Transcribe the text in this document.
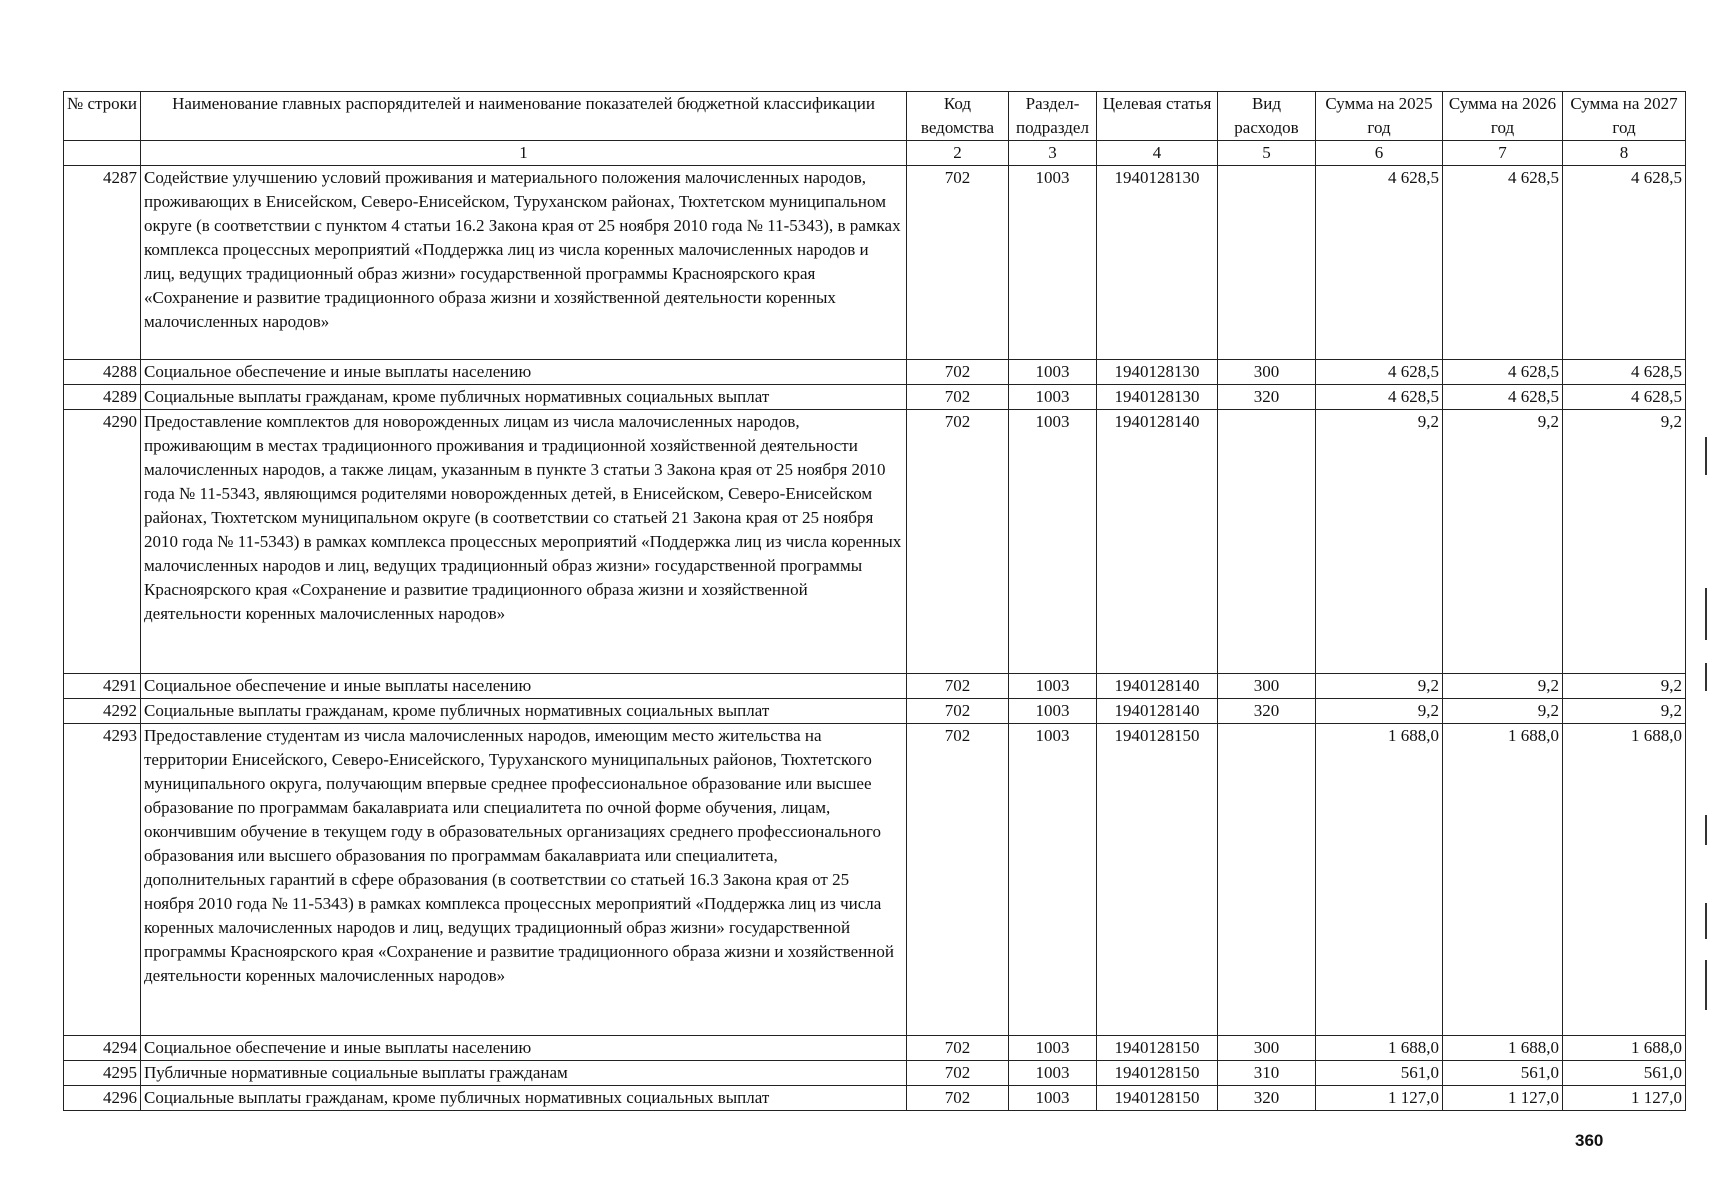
№ строки	Наименование главных распорядителей и наименование показателей бюджетной классификации	Код ведомства	Раздел-подраздел	Целевая статья	Вид расходов	Сумма на 2025 год	Сумма на 2026 год	Сумма на 2027 год
	1	2	3	4	5	6	7	8
4287	Содействие улучшению условий проживания и материального положения малочисленных народов, проживающих в Енисейском, Северо-Енисейском, Туруханском районах, Тюхтетском муниципальном округе (в соответствии с пунктом 4 статьи 16.2 Закона края от 25 ноября 2010 года № 11-5343), в рамках комплекса процессных мероприятий «Поддержка лиц из числа коренных малочисленных народов и лиц, ведущих традиционный образ жизни» государственной программы Красноярского края «Сохранение и развитие традиционного образа жизни и хозяйственной деятельности коренных малочисленных народов»	702	1003	1940128130		4 628,5	4 628,5	4 628,5
4288	Социальное обеспечение и иные выплаты населению	702	1003	1940128130	300	4 628,5	4 628,5	4 628,5
4289	Социальные выплаты гражданам, кроме публичных нормативных социальных выплат	702	1003	1940128130	320	4 628,5	4 628,5	4 628,5
4290	Предоставление комплектов для новорожденных лицам из числа малочисленных народов, проживающим в местах традиционного проживания и традиционной хозяйственной деятельности малочисленных народов, а также лицам, указанным в пункте 3 статьи 3 Закона края от 25 ноября 2010 года № 11-5343, являющимся родителями новорожденных детей, в Енисейском, Северо-Енисейском районах, Тюхтетском муниципальном округе (в соответствии со статьей 21 Закона края от 25 ноября 2010 года № 11-5343) в рамках комплекса процессных мероприятий «Поддержка лиц из числа коренных малочисленных народов и лиц, ведущих традиционный образ жизни» государственной программы Красноярского края «Сохранение и развитие традиционного образа жизни и хозяйственной деятельности коренных малочисленных народов»	702	1003	1940128140		9,2	9,2	9,2
4291	Социальное обеспечение и иные выплаты населению	702	1003	1940128140	300	9,2	9,2	9,2
4292	Социальные выплаты гражданам, кроме публичных нормативных социальных выплат	702	1003	1940128140	320	9,2	9,2	9,2
4293	Предоставление студентам из числа малочисленных народов, имеющим место жительства на территории Енисейского, Северо-Енисейского, Туруханского муниципальных районов, Тюхтетского муниципального округа, получающим впервые среднее профессиональное образование или высшее образование по программам бакалавриата или специалитета по очной форме обучения, лицам, окончившим обучение в текущем году в образовательных организациях среднего профессионального образования или высшего образования по программам бакалавриата или специалитета, дополнительных гарантий в сфере образования (в соответствии со статьей 16.3 Закона края от 25 ноября 2010 года № 11-5343) в рамках комплекса процессных мероприятий «Поддержка лиц из числа коренных малочисленных народов и лиц, ведущих традиционный образ жизни» государственной программы Красноярского края «Сохранение и развитие традиционного образа жизни и хозяйственной деятельности коренных малочисленных народов»	702	1003	1940128150		1 688,0	1 688,0	1 688,0
4294	Социальное обеспечение и иные выплаты населению	702	1003	1940128150	300	1 688,0	1 688,0	1 688,0
4295	Публичные нормативные социальные выплаты гражданам	702	1003	1940128150	310	561,0	561,0	561,0
4296	Социальные выплаты гражданам, кроме публичных нормативных социальных выплат	702	1003	1940128150	320	1 127,0	1 127,0	1 127,0
360
